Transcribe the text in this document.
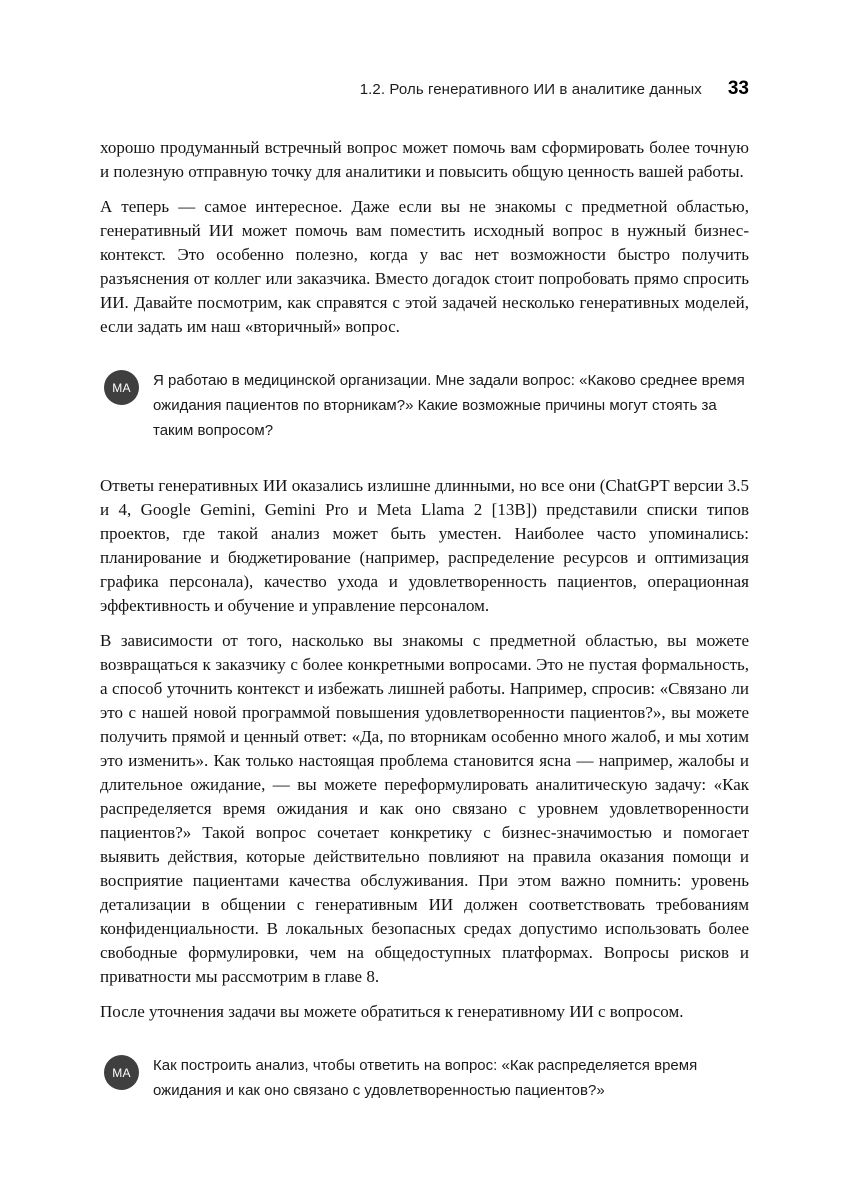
1.2. Роль генеративного ИИ в аналитике данных 33

хорошо продуманный встречный вопрос может помочь вам сформировать более точную и полезную отправную точку для аналитики и повысить общую ценность вашей работы.

А теперь — самое интересное. Даже если вы не знакомы с предметной областью, генеративный ИИ может помочь вам поместить исходный вопрос в нужный бизнес-контекст. Это особенно полезно, когда у вас нет возможности быстро получить разъяснения от коллег или заказчика. Вместо догадок стоит попробовать прямо спросить ИИ. Давайте посмотрим, как справятся с этой задачей несколько генеративных моделей, если задать им наш «вторичный» вопрос.

МА	Я работаю в медицинской организации. Мне задали вопрос: «Каково среднее время ожидания пациентов по вторникам?» Какие возможные причины могут стоять за таким вопросом?

Ответы генеративных ИИ оказались излишне длинными, но все они (ChatGPT версии 3.5 и 4, Google Gemini, Gemini Pro и Meta Llama 2 [13B]) представили списки типов проектов, где такой анализ может быть уместен. Наиболее часто упоминались: планирование и бюджетирование (например, распределение ресурсов и оптимизация графика персонала), качество ухода и удовлетворенность пациентов, операционная эффективность и обучение и управление персоналом.

В зависимости от того, насколько вы знакомы с предметной областью, вы можете возвращаться к заказчику с более конкретными вопросами. Это не пустая формальность, а способ уточнить контекст и избежать лишней работы. Например, спросив: «Связано ли это с нашей новой программой повышения удовлетворенности пациентов?», вы можете получить прямой и ценный ответ: «Да, по вторникам особенно много жалоб, и мы хотим это изменить». Как только настоящая проблема становится ясна — например, жалобы и длительное ожидание, — вы можете переформулировать аналитическую задачу: «Как распределяется время ожидания и как оно связано с уровнем удовлетворенности пациентов?» Такой вопрос сочетает конкретику с бизнес-значимостью и помогает выявить действия, которые действительно повлияют на правила оказания помощи и восприятие пациентами качества обслуживания. При этом важно помнить: уровень детализации в общении с генеративным ИИ должен соответствовать требованиям конфиденциальности. В локальных безопасных средах допустимо использовать более свободные формулировки, чем на общедоступных платформах. Вопросы рисков и приватности мы рассмотрим в главе 8.

После уточнения задачи вы можете обратиться к генеративному ИИ с вопросом.

МА	Как построить анализ, чтобы ответить на вопрос: «Как распределяется время ожидания и как оно связано с удовлетворенностью пациентов?»
